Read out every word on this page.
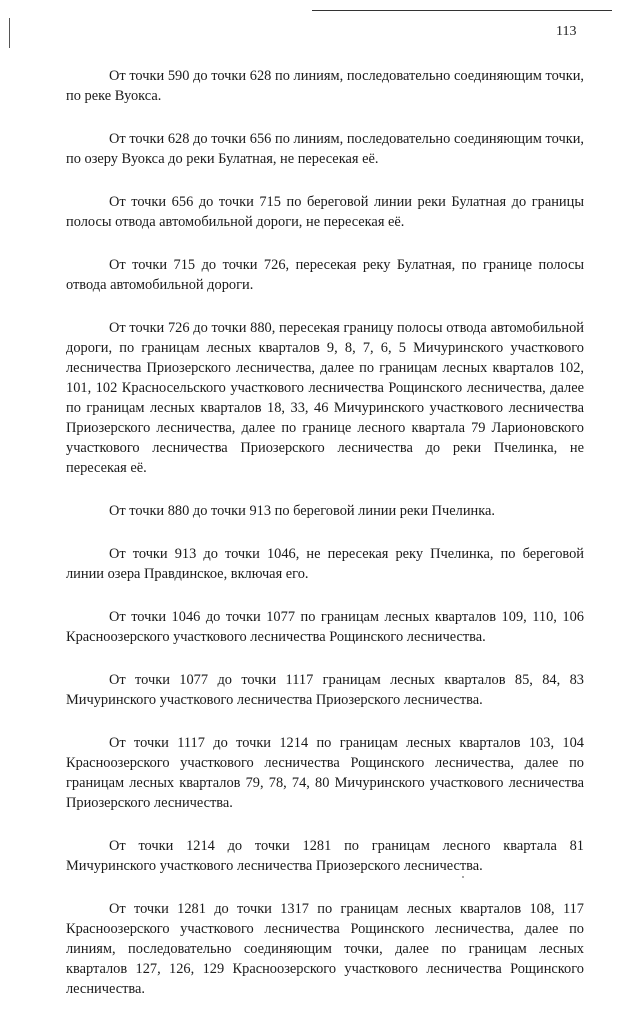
113

От точки 590 до точки 628 по линиям, последовательно соединяющим точки, по реке Вуокса.

От точки 628 до точки 656 по линиям, последовательно соединяющим точки, по озеру Вуокса до реки Булатная, не пересекая её.

От точки 656 до точки 715 по береговой линии реки Булатная до границы полосы отвода автомобильной дороги, не пересекая её.

От точки 715 до точки 726, пересекая реку Булатная, по границе полосы отвода автомобильной дороги.

От точки 726 до точки 880, пересекая границу полосы отвода автомобильной дороги, по границам лесных кварталов 9, 8, 7, 6, 5 Мичуринского участкового лесничества Приозерского лесничества, далее по границам лесных кварталов 102, 101, 102 Красносельского участкового лесничества Рощинского лесничества, далее по границам лесных кварталов 18, 33, 46 Мичуринского участкового лесничества Приозерского лесничества, далее по границе лесного квартала 79 Ларионовского участкового лесничества Приозерского лесничества до реки Пчелинка, не пересекая её.

От точки 880 до точки 913 по береговой линии реки Пчелинка.

От точки 913 до точки 1046, не пересекая реку Пчелинка, по береговой линии озера Правдинское, включая его.

От точки 1046 до точки 1077 по границам лесных кварталов 109, 110, 106 Красноозерского участкового лесничества Рощинского лесничества.

От точки 1077 до точки 1117 границам лесных кварталов 85, 84, 83 Мичуринского участкового лесничества Приозерского лесничества.

От точки 1117 до точки 1214 по границам лесных кварталов 103, 104 Красноозерского участкового лесничества Рощинского лесничества, далее по границам лесных кварталов 79, 78, 74, 80 Мичуринского участкового лесничества Приозерского лесничества.

От точки 1214 до точки 1281 по границам лесного квартала 81 Мичуринского участкового лесничества Приозерского лесничества.

От точки 1281 до точки 1317 по границам лесных кварталов 108, 117 Красноозерского участкового лесничества Рощинского лесничества, далее по линиям, последовательно соединяющим точки, далее по границам лесных кварталов 127, 126, 129 Красноозерского участкового лесничества Рощинского лесничества.
